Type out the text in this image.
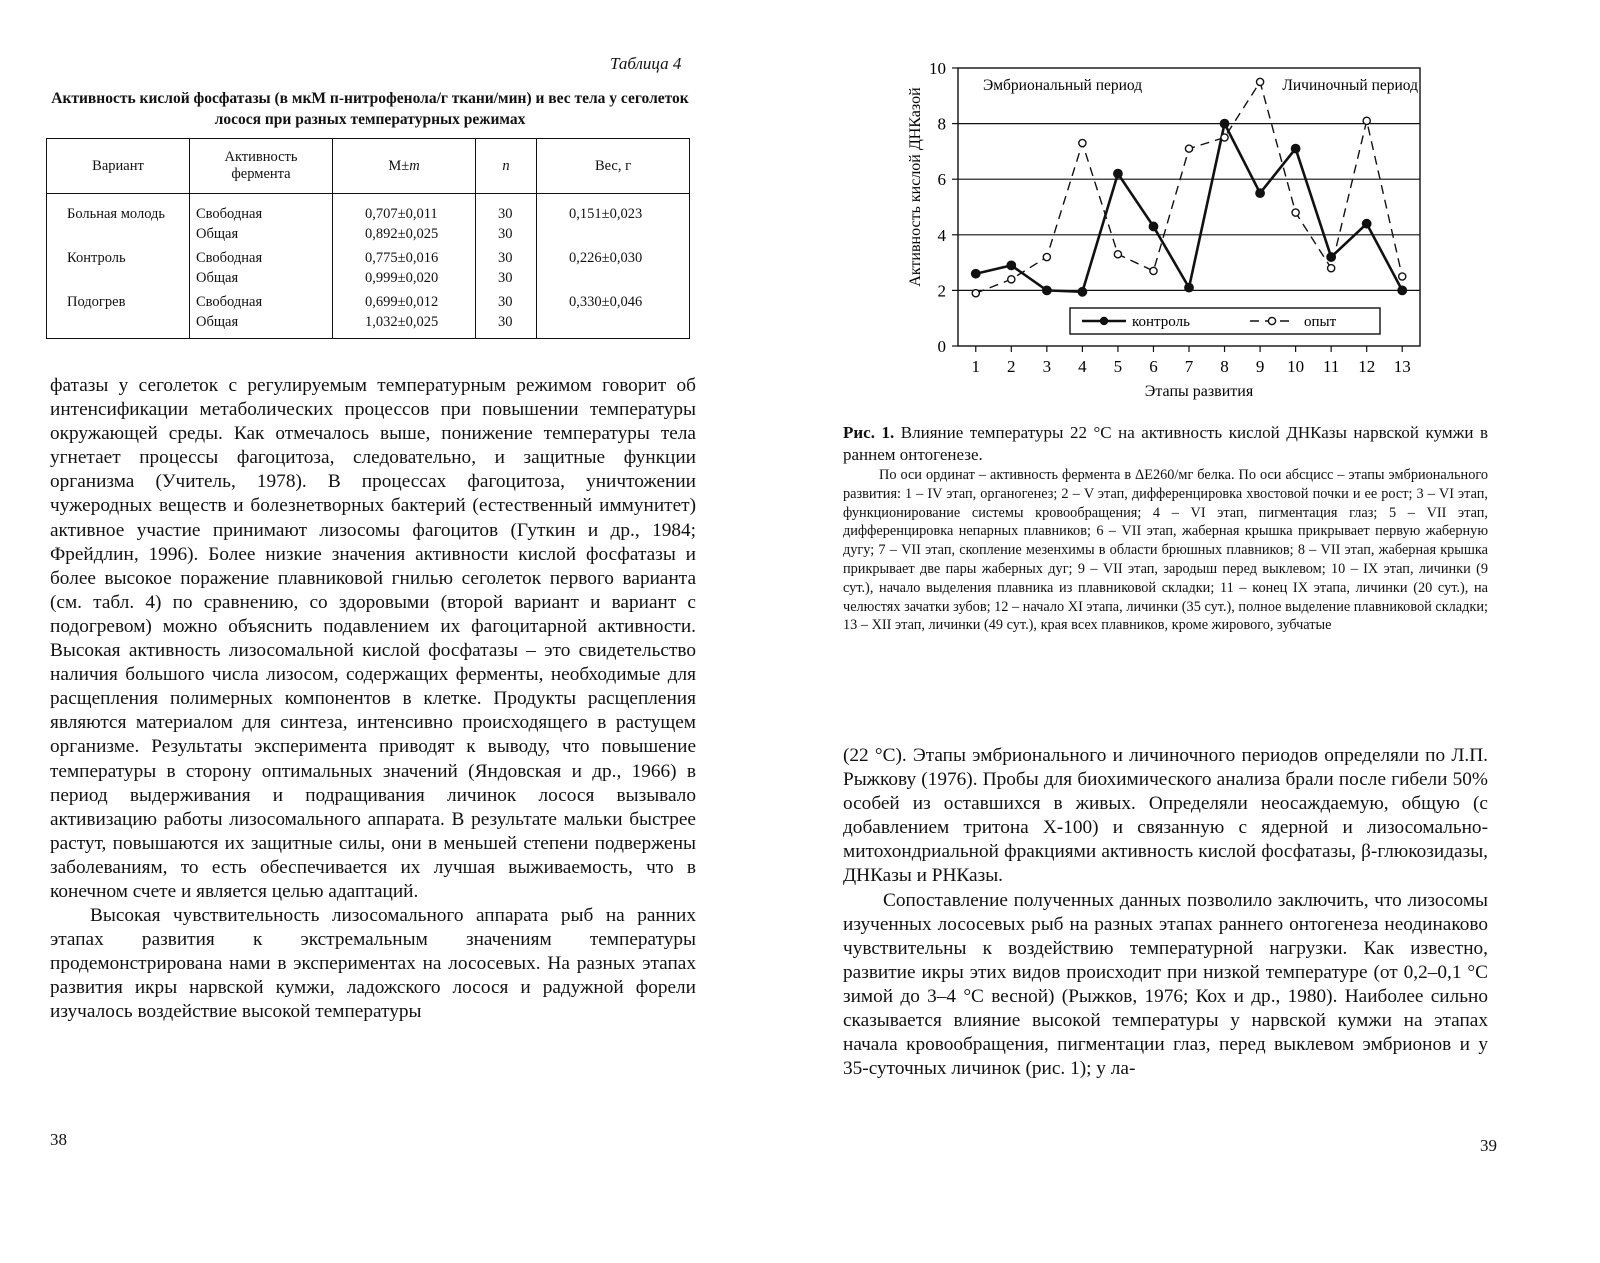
Таблица 4
Активность кислой фосфатазы (в мкМ п-нитрофенола/г ткани/мин) и вес тела у сеголеток лосося при разных температурных режимах
Вариант	Активность фермента	M±m	n	Вес, г
Больная молодь	Свободная	0,707±0,011	30	0,151±0,023
	Общая	0,892±0,025	30	
Контроль	Свободная	0,775±0,016	30	0,226±0,030
	Общая	0,999±0,020	30	
Подогрев	Свободная	0,699±0,012	30	0,330±0,046
	Общая	1,032±0,025	30	

фатазы у сеголеток с регулируемым температурным режимом говорит об интенсификации метаболических процессов при повышении температуры окружающей среды. Как отмечалось выше, понижение температуры тела угнетает процессы фагоцитоза, следовательно, и защитные функции организма (Учитель, 1978). В процессах фагоцитоза, уничтожении чужеродных веществ и болезнетворных бактерий (естественный иммунитет) активное участие принимают лизосомы фагоцитов (Гуткин и др., 1984; Фрейдлин, 1996). Более низкие значения активности кислой фосфатазы и более высокое поражение плавниковой гнилью сеголеток первого варианта (см. табл. 4) по сравнению, со здоровыми (второй вариант и вариант с подогревом) можно объяснить подавлением их фагоцитарной активности. Высокая активность лизосомальной кислой фосфатазы – это свидетельство наличия большого числа лизосом, содержащих ферменты, необходимые для расщепления полимерных компонентов в клетке. Продукты расщепления являются материалом для синтеза, интенсивно происходящего в растущем организме. Результаты эксперимента приводят к выводу, что повышение температуры в сторону оптимальных значений (Яндовская и др., 1966) в период выдерживания и подращивания личинок лосося вызывало активизацию работы лизосомального аппарата. В результате мальки быстрее растут, повышаются их защитные силы, они в меньшей степени подвержены заболеваниям, то есть обеспечивается их лучшая выживаемость, что в конечном счете и является целью адаптаций.

Высокая чувствительность лизосомального аппарата рыб на ранних этапах развития к экстремальным значениям температуры продемонстрирована нами в экспериментах на лососевых. На разных этапах развития икры нарвской кумжи, ладожского лосося и радужной форели изучалось воздействие высокой температуры

38
0
2
4
6
8
10
1 2 3 4 5 6 7 8 9 10 11 12 13
Этапы развития
Активность кислой ДНКазой
Эмбриональный период	Личиночный период
контроль	опыт
Рис. 1. Влияние температуры 22 °С на активность кислой ДНКазы нарвской кумжи в раннем онтогенезе.

По оси ординат – активность фермента в ΔE260/мг белка. По оси абсцисс – этапы эмбрионального развития: 1 – IV этап, органогенез; 2 – V этап, дифференцировка хвостовой почки и ее рост; 3 – VI этап, функционирование системы кровообращения; 4 – VI этап, пигментация глаз; 5 – VII этап, дифференцировка непарных плавников; 6 – VII этап, жаберная крышка прикрывает первую жаберную дугу; 7 – VII этап, скопление мезенхимы в области брюшных плавников; 8 – VII этап, жаберная крышка прикрывает две пары жаберных дуг; 9 – VII этап, зародыш перед выклевом; 10 – IX этап, личинки (9 сут.), начало выделения плавника из плавниковой складки; 11 – конец IX этапа, личинки (20 сут.), на челюстях зачатки зубов; 12 – начало XI этапа, личинки (35 сут.), полное выделение плавниковой складки; 13 – XII этап, личинки (49 сут.), края всех плавников, кроме жирового, зубчатые

(22 °С). Этапы эмбрионального и личиночного периодов определяли по Л.П. Рыжкову (1976). Пробы для биохимического анализа брали после гибели 50% особей из оставшихся в живых. Определяли неосаждаемую, общую (с добавлением тритона Х-100) и связанную с ядерной и лизосомально-митохондриальной фракциями активность кислой фосфатазы, β-глюкозидазы, ДНКазы и РНКазы.

Сопоставление полученных данных позволило заключить, что лизосомы изученных лососевых рыб на разных этапах раннего онтогенеза неодинаково чувствительны к воздействию температурной нагрузки. Как известно, развитие икры этих видов происходит при низкой температуре (от 0,2–0,1 °С зимой до 3–4 °С весной) (Рыжков, 1976; Кох и др., 1980). Наиболее сильно сказывается влияние высокой температуры у нарвской кумжи на этапах начала кровообращения, пигментации глаз, перед выклевом эмбрионов и у 35-суточных личинок (рис. 1); у ла-

39
